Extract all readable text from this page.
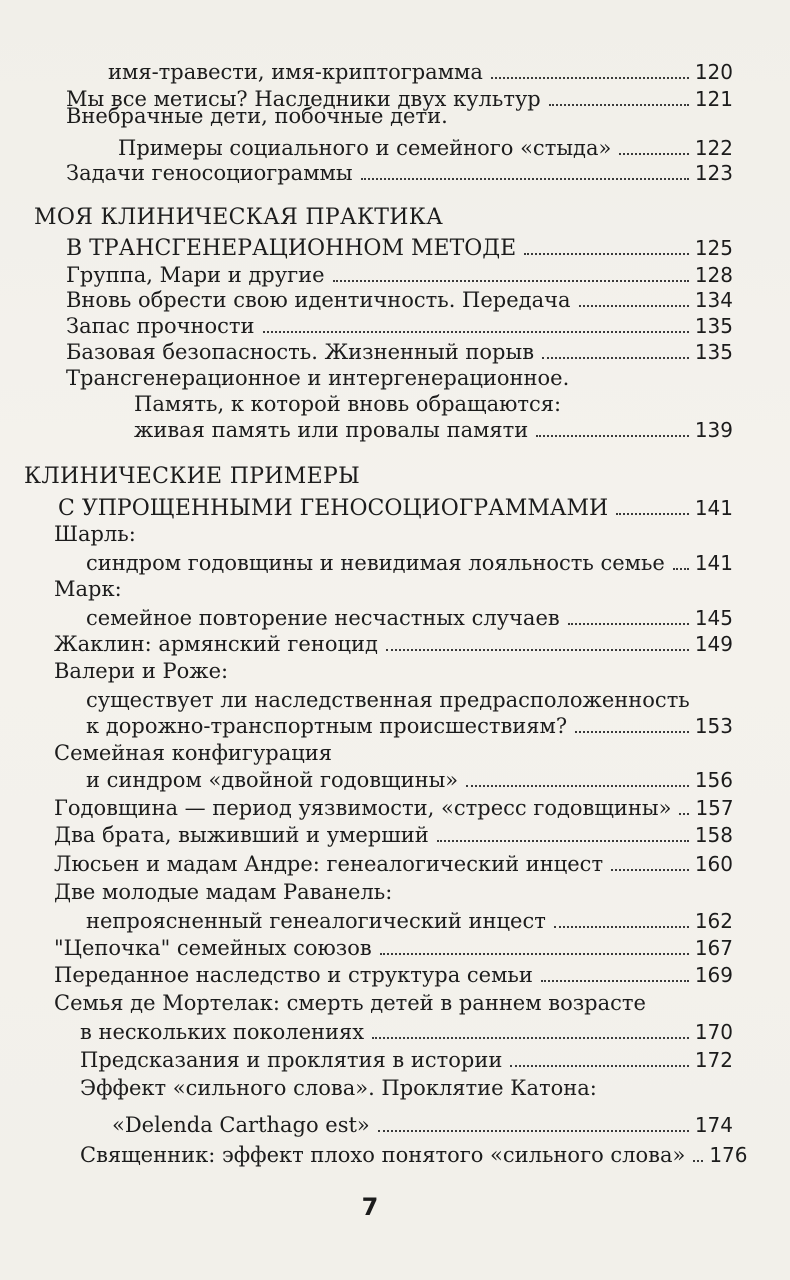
имя-травести, имя-криптограмма	120
Мы все метисы? Наследники двух культур	121
Внебрачные дети, побочные дети.
Примеры социального и семейного «стыда»	122
Задачи геносоциограммы	123
МОЯ КЛИНИЧЕСКАЯ ПРАКТИКА
В ТРАНСГЕНЕРАЦИОННОМ МЕТОДЕ	125
Группа, Мари и другие	128
Вновь обрести свою идентичность. Передача	134
Запас прочности	135
Базовая безопасность. Жизненный порыв	135
Трансгенерационное и интергенерационное.
Память, к которой вновь обращаются:
живая память или провалы памяти	139
КЛИНИЧЕСКИЕ ПРИМЕРЫ
С УПРОЩЕННЫМИ ГЕНОСОЦИОГРАММАМИ	141
Шарль:
синдром годовщины и невидимая лояльность семье 141
Марк:
семейное повторение несчастных случаев	145
Жаклин: армянский геноцид	149
Валери и Роже:
существует ли наследственная предрасположенность
к дорожно-транспортным происшествиям?	153
Семейная конфигурация
и синдром «двойной годовщины»	156
Годовщина — период уязвимости, «стресс годовщины» 157
Два брата, выживший и умерший	158
Люсьен и мадам Андре: генеалогический инцест	160
Две молодые мадам Раванель:
непроясненный генеалогический инцест	162
"Цепочка" семейных союзов	167
Переданное наследство и структура семьи	169
Семья де Мортелак: смерть детей в раннем возрасте
в нескольких поколениях	170
Предсказания и проклятия в истории	172
Эффект «сильного слова». Проклятие Катона:
«Delenda Carthago est»	174
Священник: эффект плохо понятого «сильного слова» 176
7
